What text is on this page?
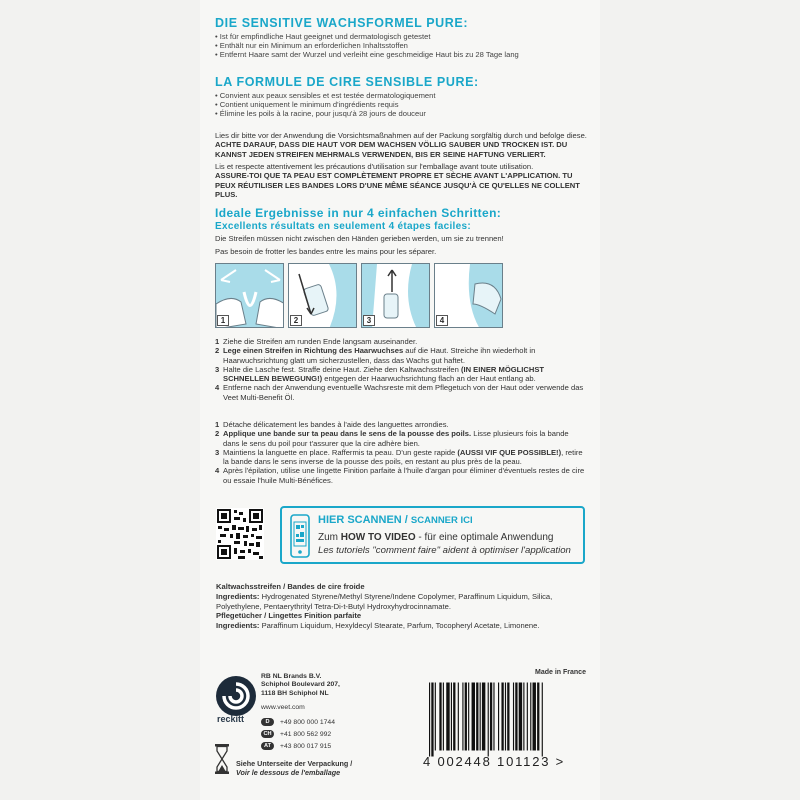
DIE SENSITIVE WACHSFORMEL PURE:
• Ist für empfindliche Haut geeignet und dermatologisch getestet
• Enthält nur ein Minimum an erforderlichen Inhaltsstoffen
• Entfernt Haare samt der Wurzel und verleiht eine geschmeidige Haut bis zu 28 Tage lang
LA FORMULE DE CIRE SENSIBLE PURE:
• Convient aux peaux sensibles et est testée dermatologiquement
• Contient uniquement le minimum d'ingrédients requis
• Élimine les poils à la racine, pour jusqu'à 28 jours de douceur
Lies dir bitte vor der Anwendung die Vorsichtsmaßnahmen auf der Packung sorgfältig durch und befolge diese. ACHTE DARAUF, DASS DIE HAUT VOR DEM WACHSEN VÖLLIG SAUBER UND TROCKEN IST. DU KANNST JEDEN STREIFEN MEHRMALS VERWENDEN, BIS ER SEINE HAFTUNG VERLIERT.
Lis et respecte attentivement les précautions d'utilisation sur l'emballage avant toute utilisation.
ASSURE-TOI QUE TA PEAU EST COMPLÈTEMENT PROPRE ET SÈCHE AVANT L'APPLICATION. TU PEUX RÉUTILISER LES BANDES LORS D'UNE MÊME SÉANCE JUSQU'À CE QU'ELLES NE COLLENT PLUS.
Ideale Ergebnisse in nur 4 einfachen Schritten:
Excellents résultats en seulement 4 étapes faciles:
Die Streifen müssen nicht zwischen den Händen gerieben werden, um sie zu trennen!
Pas besoin de frotter les bandes entre les mains pour les séparer.
1	2	3	4
1 Ziehe die Streifen am runden Ende langsam auseinander.
2 Lege einen Streifen in Richtung des Haarwuchses auf die Haut. Streiche ihn wiederholt in Haarwuchsrichtung glatt um sicherzustellen, dass das Wachs gut haftet.
3 Halte die Lasche fest. Straffe deine Haut. Ziehe den Kaltwachsstreifen (IN EINER MÖGLICHST SCHNELLEN BEWEGUNG!) entgegen der Haarwuchsrichtung flach an der Haut entlang ab.
4 Entferne nach der Anwendung eventuelle Wachsreste mit dem Pflegetuch von der Haut oder verwende das Veet Multi-Benefit Öl.
1 Détache délicatement les bandes à l'aide des languettes arrondies.
2 Applique une bande sur ta peau dans le sens de la pousse des poils. Lisse plusieurs fois la bande dans le sens du poil pour t'assurer que la cire adhère bien.
3 Maintiens la languette en place. Raffermis ta peau. D'un geste rapide (AUSSI VIF QUE POSSIBLE!), retire la bande dans le sens inverse de la pousse des poils, en restant au plus près de la peau.
4 Après l'épilation, utilise une lingette Finition parfaite à l'huile d'argan pour éliminer d'éventuels restes de cire ou essaie l'huile Multi-Bénéfices.
HIER SCANNEN / SCANNER ICI
Zum HOW TO VIDEO - für eine optimale Anwendung
Les tutoriels "comment faire" aident à optimiser l'application
Kaltwachsstreifen / Bandes de cire froide
Ingredients: Hydrogenated Styrene/Methyl Styrene/Indene Copolymer, Paraffinum Liquidum, Silica, Polyethylene, Pentaerythrityl Tetra-Di-t-Butyl Hydroxyhydrocinnamate.
Pflegetücher / Lingettes Finition parfaite
Ingredients: Paraffinum Liquidum, Hexyldecyl Stearate, Parfum, Tocopheryl Acetate, Limonene.
reckitt
RB NL Brands B.V.
Schiphol Boulevard 207,
1118 BH Schiphol NL
www.veet.com
D	+49 800 000 1744
CH	+41 800 562 992
AT	+43 800 017 915
Made in France
4 002448 101123 >
Siehe Unterseite der Verpackung /
Voir le dessous de l'emballage
